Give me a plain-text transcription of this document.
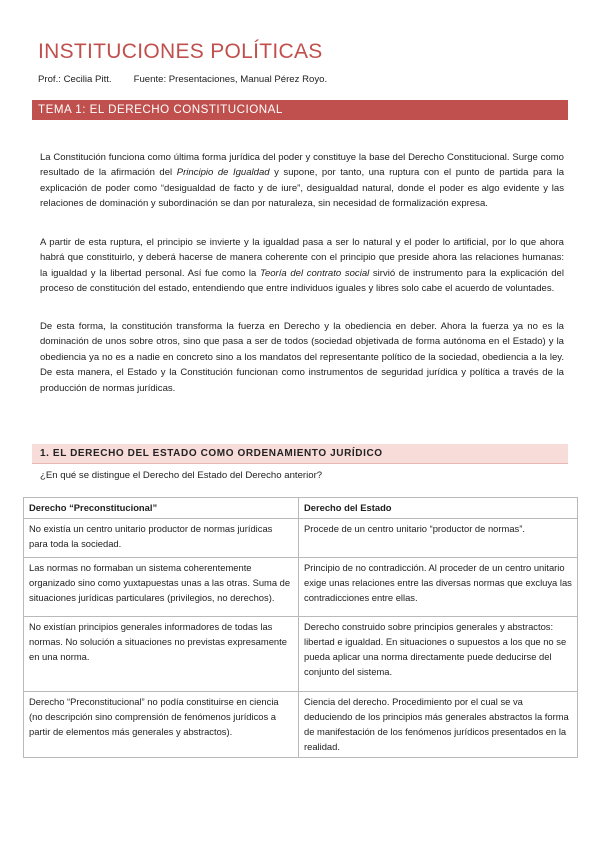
INSTITUCIONES POLÍTICAS
Prof.: Cecilia Pitt. Fuente: Presentaciones, Manual Pérez Royo.
TEMA 1: EL DERECHO CONSTITUCIONAL

La Constitución funciona como última forma jurídica del poder y constituye la base del Derecho Constitucional. Surge como resultado de la afirmación del Principio de Igualdad y supone, por tanto, una ruptura con el punto de partida para la explicación de poder como “desigualdad de facto y de iure”, desigualdad natural, donde el poder es algo evidente y las relaciones de dominación y subordinación se dan por naturaleza, sin necesidad de formalización expresa.

A partir de esta ruptura, el principio se invierte y la igualdad pasa a ser lo natural y el poder lo artificial, por lo que ahora habrá que constituirlo, y deberá hacerse de manera coherente con el principio que preside ahora las relaciones humanas: la igualdad y la libertad personal. Así fue como la Teoría del contrato social sirvió de instrumento para la explicación del proceso de constitución del estado, entendiendo que entre individuos iguales y libres solo cabe el acuerdo de voluntades.

De esta forma, la constitución transforma la fuerza en Derecho y la obediencia en deber. Ahora la fuerza ya no es la dominación de unos sobre otros, sino que pasa a ser de todos (sociedad objetivada de forma autónoma en el Estado) y la obediencia ya no es a nadie en concreto sino a los mandatos del representante político de la sociedad, obediencia a la ley. De esta manera, el Estado y la Constitución funcionan como instrumentos de seguridad jurídica y política a través de la producción de normas jurídicas.

1. EL DERECHO DEL ESTADO COMO ORDENAMIENTO JURÍDICO
¿En qué se distingue el Derecho del Estado del Derecho anterior?
Derecho “Preconstitucional”	Derecho del Estado
No existía un centro unitario productor de normas jurídicas para toda la sociedad.	Procede de un centro unitario “productor de normas”.
Las normas no formaban un sistema coherentemente organizado sino como yuxtapuestas unas a las otras. Suma de situaciones jurídicas particulares (privilegios, no derechos).	Principio de no contradicción. Al proceder de un centro unitario exige unas relaciones entre las diversas normas que excluya las contradicciones entre ellas.
No existían principios generales informadores de todas las normas. No solución a situaciones no previstas expresamente en una norma.	Derecho construido sobre principios generales y abstractos: libertad e igualdad. En situaciones o supuestos a los que no se pueda aplicar una norma directamente puede deducirse del conjunto del sistema.
Derecho “Preconstitucional” no podía constituirse en ciencia (no descripción sino comprensión de fenómenos jurídicos a partir de elementos más generales y abstractos).	Ciencia del derecho. Procedimiento por el cual se va deduciendo de los principios más generales abstractos la forma de manifestación de los fenómenos jurídicos presentados en la realidad.
